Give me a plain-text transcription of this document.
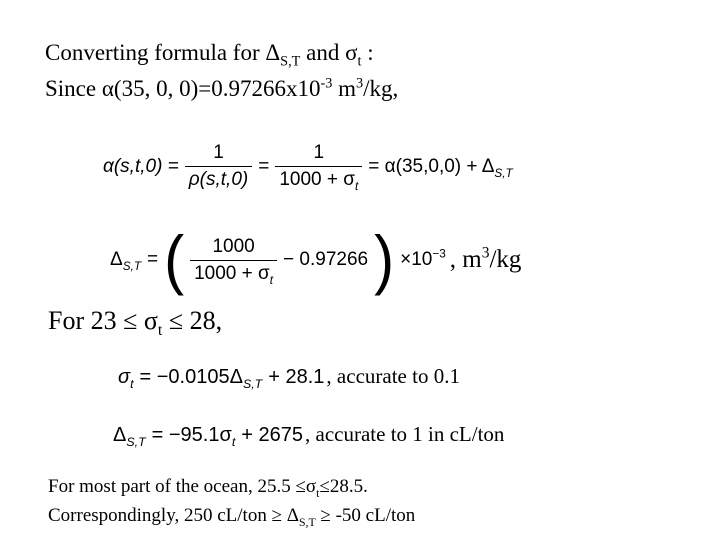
Converting formula for $\Delta_{S,T}$ and $\sigma_t$ :
Since α(35, 0, $0)=0.97266x10^{-3}$ $m^3/kg$,
$\alpha(s,t,0) = \frac{1}{\rho(s,t,0)} = \frac{1}{1000 + \sigma_t} = \alpha(35,0,0) + \Delta_{S,T}$
$\Delta_{S,T}$ = ( $\frac{1000}{1000 + \sigma_t} - 0.97266$ ) $\times 10^{-3}$ , $m^3/kg$
For $23 \le \sigma_t \le 28$,
$\sigma_t = -0.0105\Delta_{S,T} + 28.1$ , accurate to 0.1
$\Delta_{S,T} = -95.1\sigma_t + 2675$ , accurate to 1 in cL/ton
For most part of the ocean, $25.5 \le\sigma_t\le 28.5$.
Correspondingly, 250 $cL/ton \ge \Delta_{S,T} \ge -50$ cL/ton
